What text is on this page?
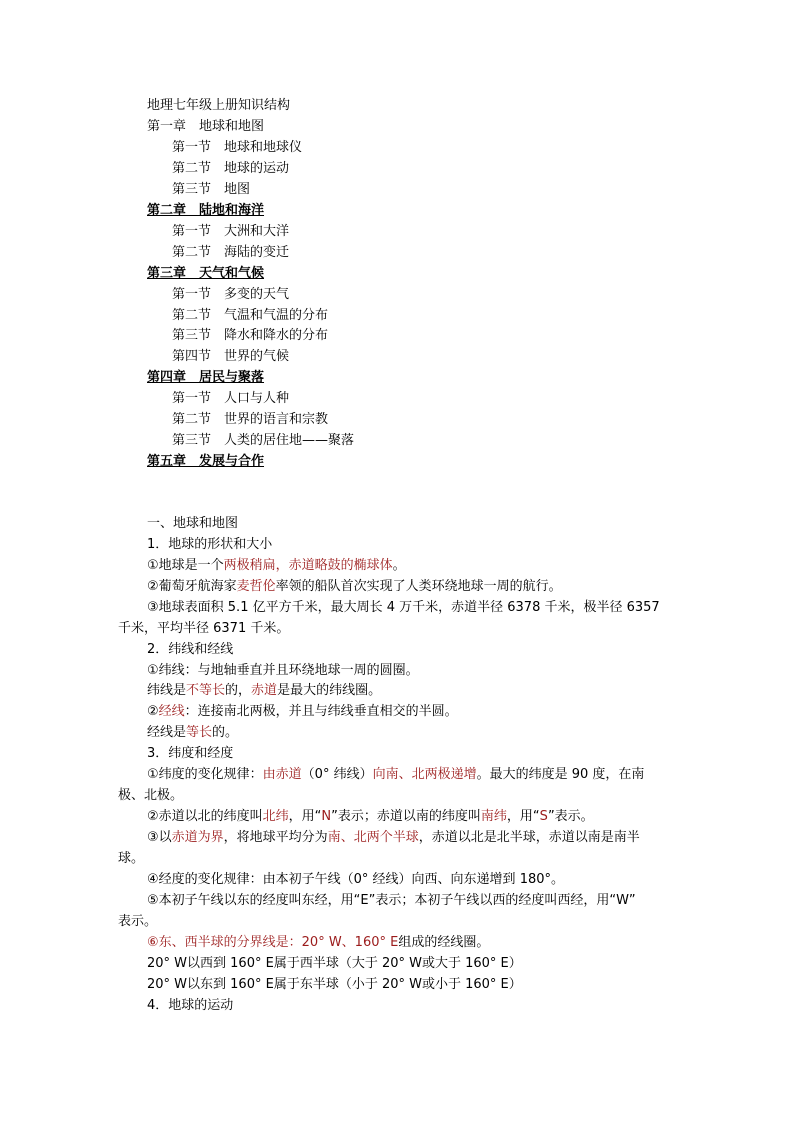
地理七年级上册知识结构
第一章　地球和地图
第一节　地球和地球仪
第二节　地球的运动
第三节　地图
第二章　陆地和海洋
第一节　大洲和大洋
第二节　海陆的变迁
第三章　天气和气候
第一节　多变的天气
第二节　气温和气温的分布
第三节　降水和降水的分布
第四节　世界的气候
第四章　居民与聚落
第一节　人口与人种
第二节　世界的语言和宗教
第三节　人类的居住地——聚落
第五章　发展与合作
一、地球和地图
1．地球的形状和大小
①地球是一个两极稍扁，赤道略鼓的椭球体。
②葡萄牙航海家麦哲伦率领的船队首次实现了人类环绕地球一周的航行。
③地球表面积 5.1 亿平方千米，最大周长 4 万千米，赤道半径 6378 千米，极半径 6357
千米，平均半径 6371 千米。
2．纬线和经线
①纬线：与地轴垂直并且环绕地球一周的圆圈。
纬线是不等长的，赤道是最大的纬线圈。
②经线：连接南北两极，并且与纬线垂直相交的半圆。
经线是等长的。
3．纬度和经度
①纬度的变化规律：由赤道（0° 纬线）向南、北两极递增。最大的纬度是 90 度，在南
极、北极。
②赤道以北的纬度叫北纬，用“N”表示；赤道以南的纬度叫南纬，用“S”表示。
③以赤道为界，将地球平均分为南、北两个半球，赤道以北是北半球，赤道以南是南半
球。
④经度的变化规律：由本初子午线（0° 经线）向西、向东递增到 180°。
⑤本初子午线以东的经度叫东经，用“E”表示；本初子午线以西的经度叫西经，用“W”
表示。
⑥东、西半球的分界线是：20° W、160° E组成的经线圈。
20° W以西到 160° E属于西半球（大于 20° W或大于 160° E）
20° W以东到 160° E属于东半球（小于 20° W或小于 160° E）
4．地球的运动
